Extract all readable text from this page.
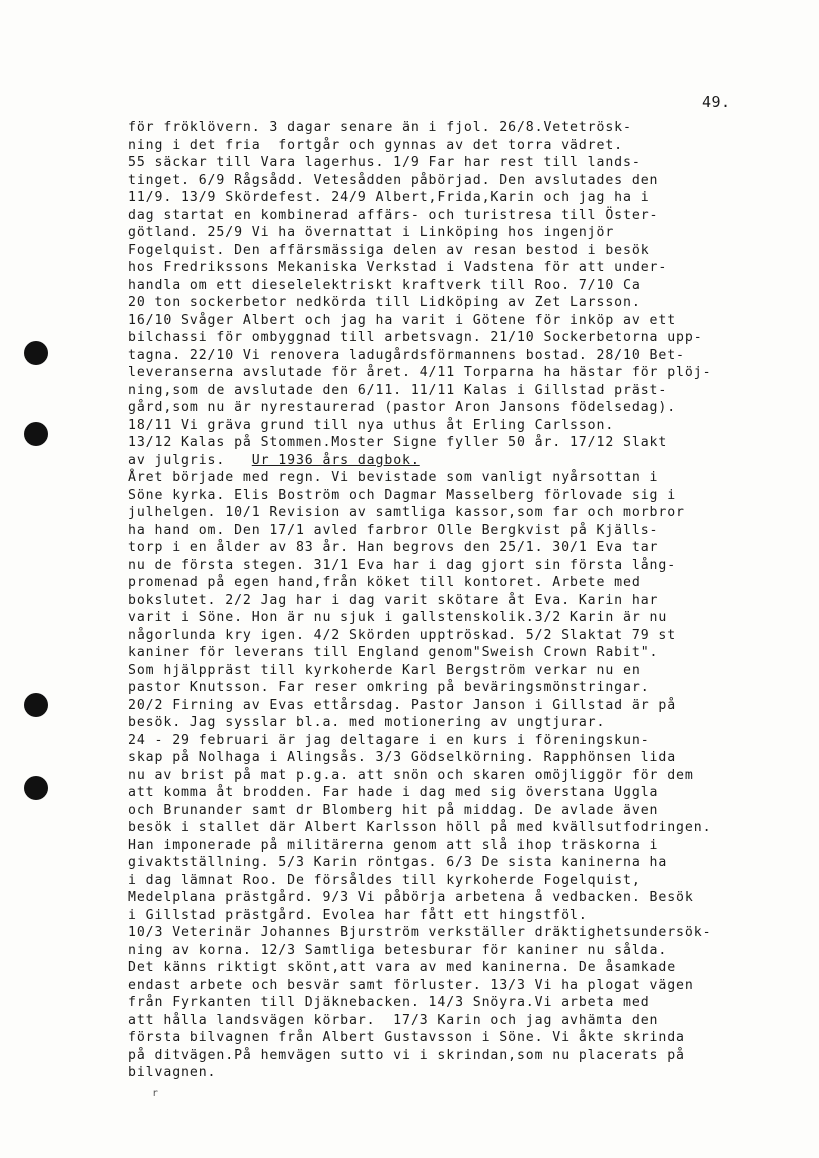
49.
för fröklövern. 3 dagar senare än i fjol. 26/8.Vetetrösk-
ning i det fria  fortgår och gynnas av det torra vädret.
55 säckar till Vara lagerhus. 1/9 Far har rest till lands-
tinget. 6/9 Rågsådd. Vetesådden påbörjad. Den avslutades den
11/9. 13/9 Skördefest. 24/9 Albert,Frida,Karin och jag ha i
dag startat en kombinerad affärs- och turistresa till Öster-
götland. 25/9 Vi ha övernattat i Linköping hos ingenjör
Fogelquist. Den affärsmässiga delen av resan bestod i besök
hos Fredrikssons Mekaniska Verkstad i Vadstena för att under-
handla om ett dieselelektriskt kraftverk till Roo. 7/10 Ca
20 ton sockerbetor nedkörda till Lidköping av Zet Larsson.
16/10 Svåger Albert och jag ha varit i Götene för inköp av ett
bilchassi för ombyggnad till arbetsvagn. 21/10 Sockerbetorna upp-
tagna. 22/10 Vi renovera ladugårdsförmannens bostad. 28/10 Bet-
leveranserna avslutade för året. 4/11 Torparna ha hästar för plöj-
ning,som de avslutade den 6/11. 11/11 Kalas i Gillstad präst-
gård,som nu är nyrestaurerad (pastor Aron Jansons födelsedag).
18/11 Vi gräva grund till nya uthus åt Erling Carlsson.
13/12 Kalas på Stommen.Moster Signe fyller 50 år. 17/12 Slakt
av julgris.   Ur 1936 års dagbok.
Året började med regn. Vi bevistade som vanligt nyårsottan i
Söne kyrka. Elis Boström och Dagmar Masselberg förlovade sig i
julhelgen. 10/1 Revision av samtliga kassor,som far och morbror
ha hand om. Den 17/1 avled farbror Olle Bergkvist på Kjälls-
torp i en ålder av 83 år. Han begrovs den 25/1. 30/1 Eva tar
nu de första stegen. 31/1 Eva har i dag gjort sin första lång-
promenad på egen hand,från köket till kontoret. Arbete med
bokslutet. 2/2 Jag har i dag varit skötare åt Eva. Karin har
varit i Söne. Hon är nu sjuk i gallstenskolik.3/2 Karin är nu
någorlunda kry igen. 4/2 Skörden upptröskad. 5/2 Slaktat 79 st
kaniner för leverans till England genom"Sweish Crown Rabit".
Som hjälppräst till kyrkoherde Karl Bergström verkar nu en
pastor Knutsson. Far reser omkring på beväringsmönstringar.
20/2 Firning av Evas ettårsdag. Pastor Janson i Gillstad är på
besök. Jag sysslar bl.a. med motionering av ungtjurar.
24 - 29 februari är jag deltagare i en kurs i föreningskun-
skap på Nolhaga i Alingsås. 3/3 Gödselkörning. Rapphönsen lida
nu av brist på mat p.g.a. att snön och skaren omöjliggör för dem
att komma åt brodden. Far hade i dag med sig överstana Uggla
och Brunander samt dr Blomberg hit på middag. De avlade även
besök i stallet där Albert Karlsson höll på med kvällsutfodringen.
Han imponerade på militärerna genom att slå ihop träskorna i
givaktställning. 5/3 Karin röntgas. 6/3 De sista kaninerna ha
i dag lämnat Roo. De försåldes till kyrkoherde Fogelquist,
Medelplana prästgård. 9/3 Vi påbörja arbetena å vedbacken. Besök
i Gillstad prästgård. Evolea har fått ett hingstföl.
10/3 Veterinär Johannes Bjurström verkställer dräktighetsundersök-
ning av korna. 12/3 Samtliga betesburar för kaniner nu sålda.
Det känns riktigt skönt,att vara av med kaninerna. De åsamkade
endast arbete och besvär samt förluster. 13/3 Vi ha plogat vägen
från Fyrkanten till Djäknebacken. 14/3 Snöyra.Vi arbeta med
att hålla landsvägen körbar.  17/3 Karin och jag avhämta den
första bilvagnen från Albert Gustavsson i Söne. Vi åkte skrinda
på ditvägen.På hemvägen sutto vi i skrindan,som nu placerats på
bilvagnen.
r
